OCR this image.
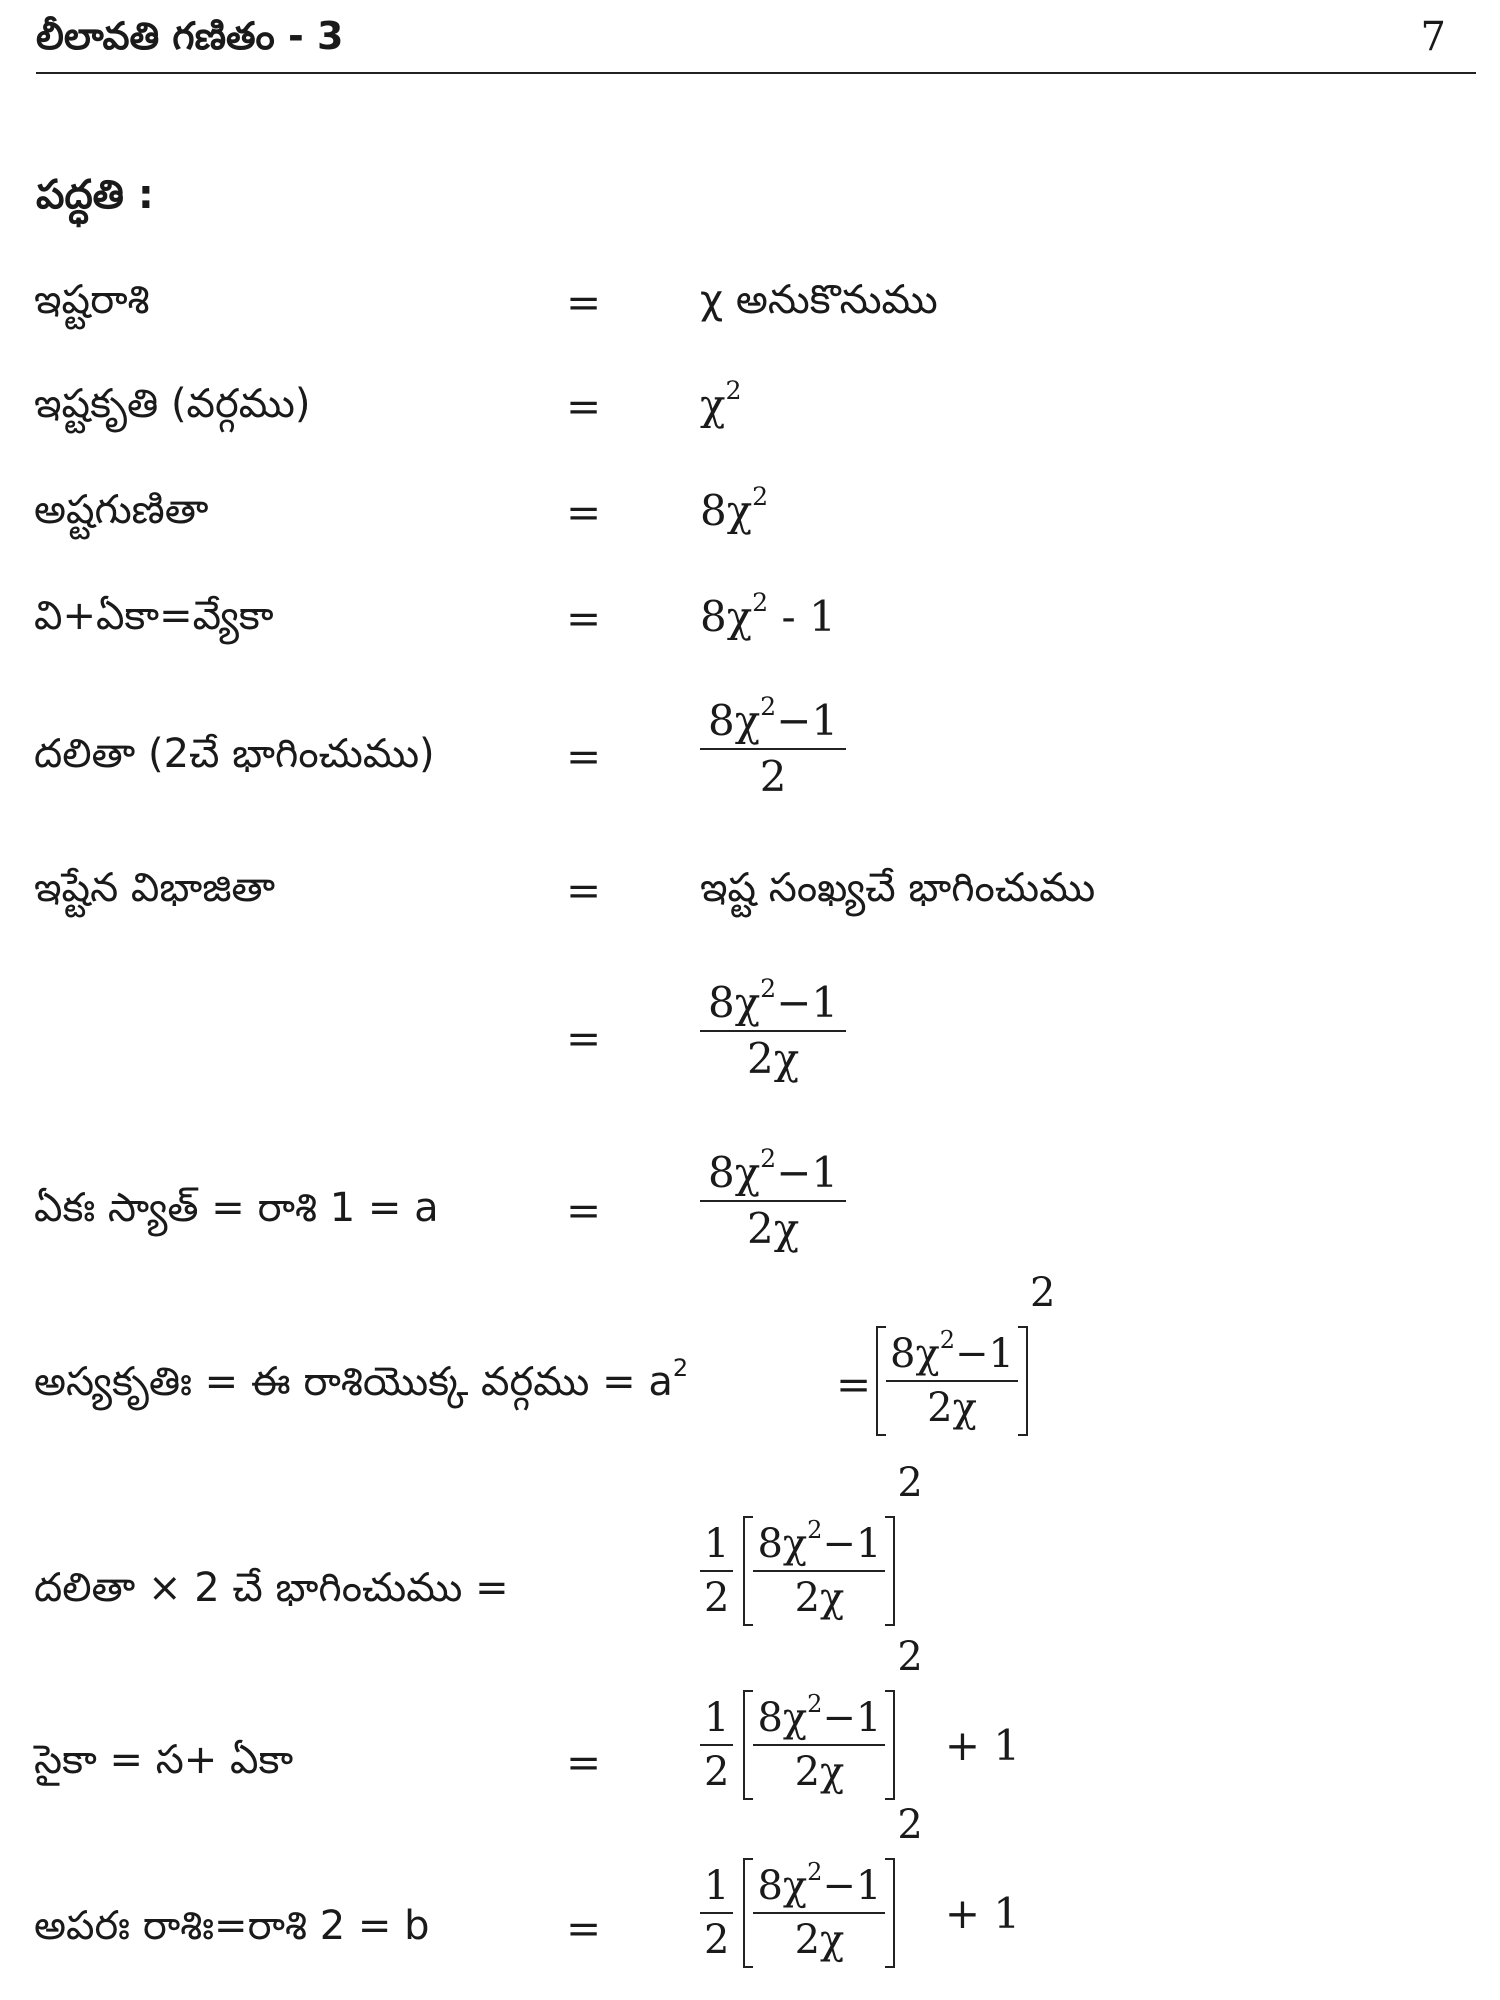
లీలావతి గణితం - 3	7
పద్ధతి :
ఇష్టరాశి	= χ అనుకొనుము
ఇష్టకృతి (వర్గము)	= $\chi^2$
అష్టగుణితా	= $8\chi^2$
వి+ఏకా=వ్యేకా	= $8\chi^2 - 1$
దలితా (2చే భాగించుము)	= $\frac{8\chi^2-1}{2}$
ఇష్టేన విభాజితా	= ఇష్ట సంఖ్యచే భాగించుము
= $\frac{8\chi^2-1}{2\chi}$
ఏకః స్యాత్ = రాశి 1 = a	= $\frac{8\chi^2-1}{2\chi}$
అస్యకృతిః = ఈ రాశియొక్క వర్గము = $a^2$	= $\frac{8\chi^2-1}{2\chi}$
2
దలితా × 2 చే భాగించుము =	$\frac{1}{2} \frac{8\chi^2-1}{2\chi}$
2
సైకా = స+ ఏకా	= $\frac{1}{2} \frac{8\chi^2-1}{2\chi}$
2+ 1
అపరః రాశిః=రాశి 2 = b	= $\frac{1}{2} \frac{8\chi^2-1}{2\chi}$
2+ 1
